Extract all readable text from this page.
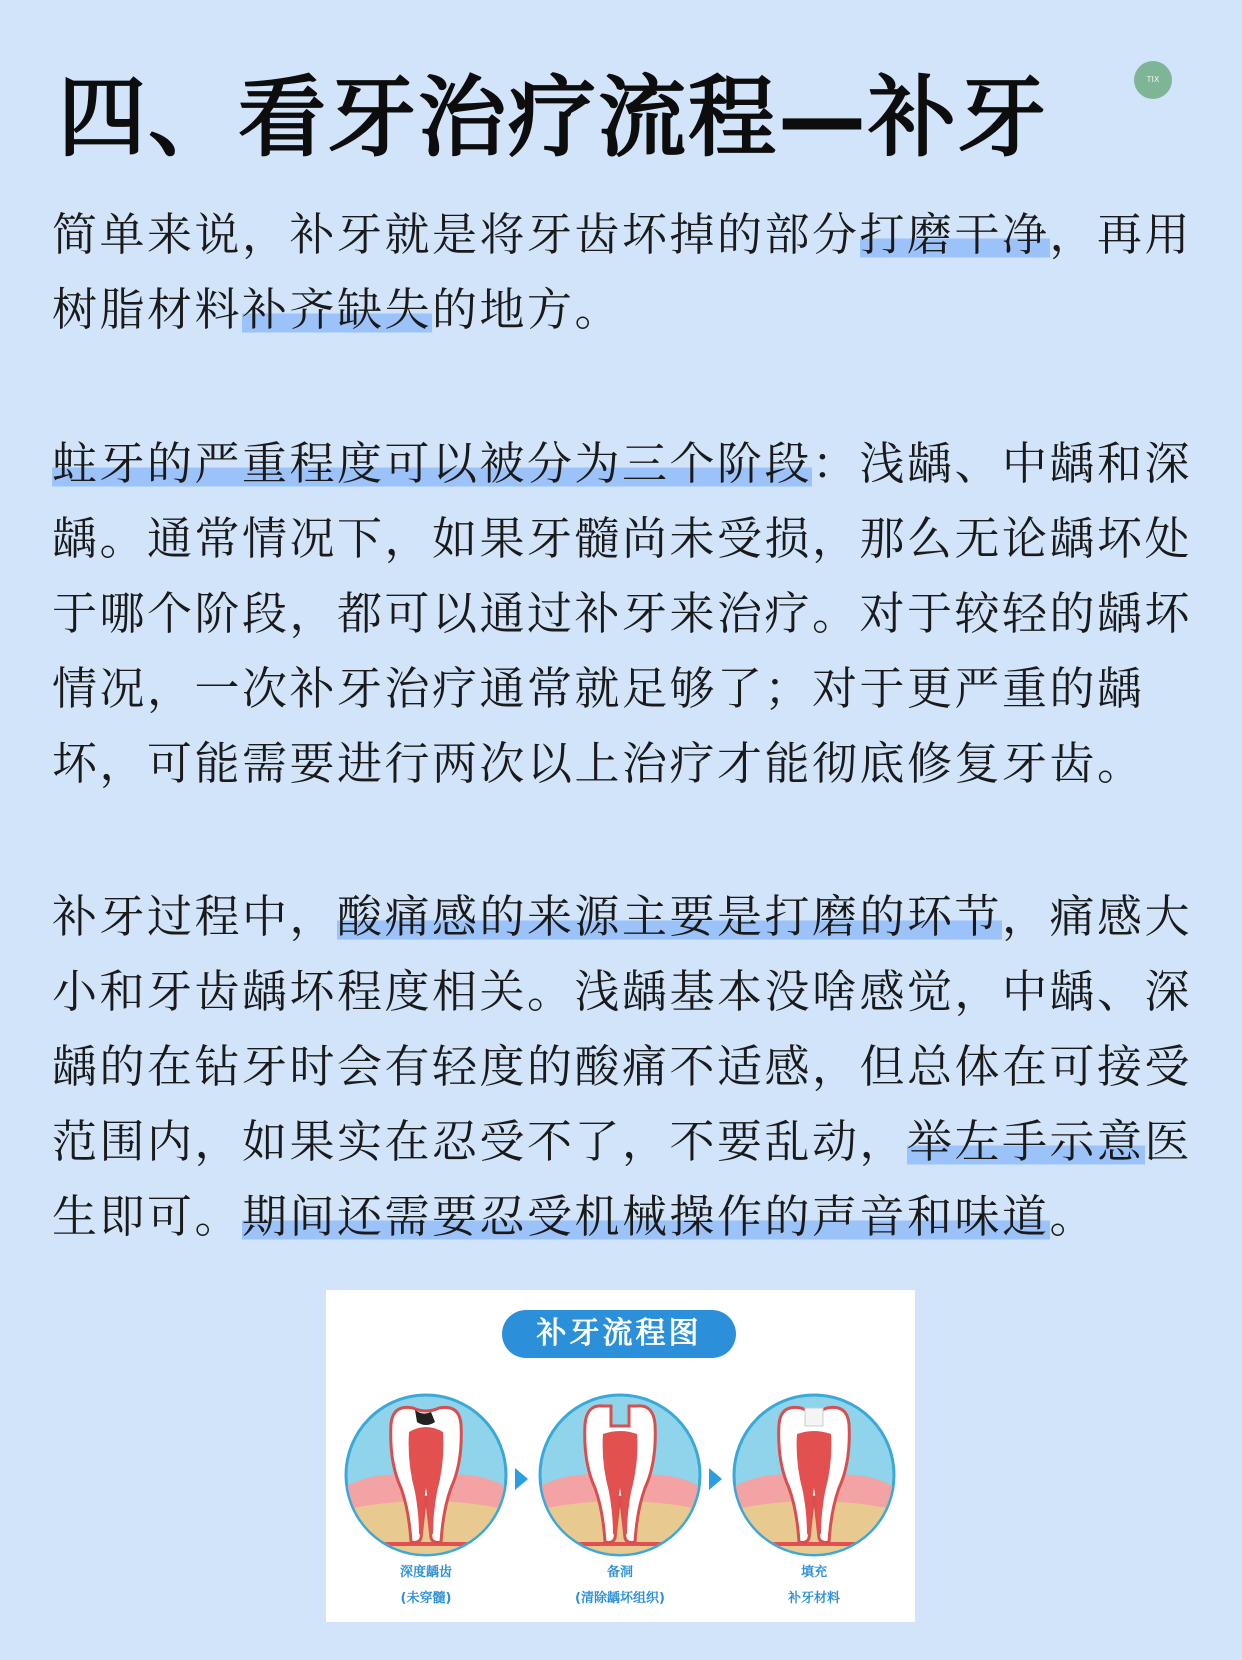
四、看牙治疗流程—补牙	TIX

简单来说，补牙就是将牙齿坏掉的部分打磨干净，再用树脂材料补齐缺失的地方。

蛀牙的严重程度可以被分为三个阶段：浅龋、中龋和深龋。通常情况下，如果牙髓尚未受损，那么无论龋坏处于哪个阶段，都可以通过补牙来治疗。对于较轻的龋坏情况，一次补牙治疗通常就足够了；对于更严重的龋坏，可能需要进行两次以上治疗才能彻底修复牙齿。

补牙过程中，酸痛感的来源主要是打磨的环节，痛感大小和牙齿龋坏程度相关。浅龋基本没啥感觉，中龋、深龋的在钻牙时会有轻度的酸痛不适感，但总体在可接受范围内，如果实在忍受不了，不要乱动，举左手示意医生即可。期间还需要忍受机械操作的声音和味道。

补牙流程图
深度龋齿
(未穿髓)
备洞
(清除龋坏组织)
填充
补牙材料
